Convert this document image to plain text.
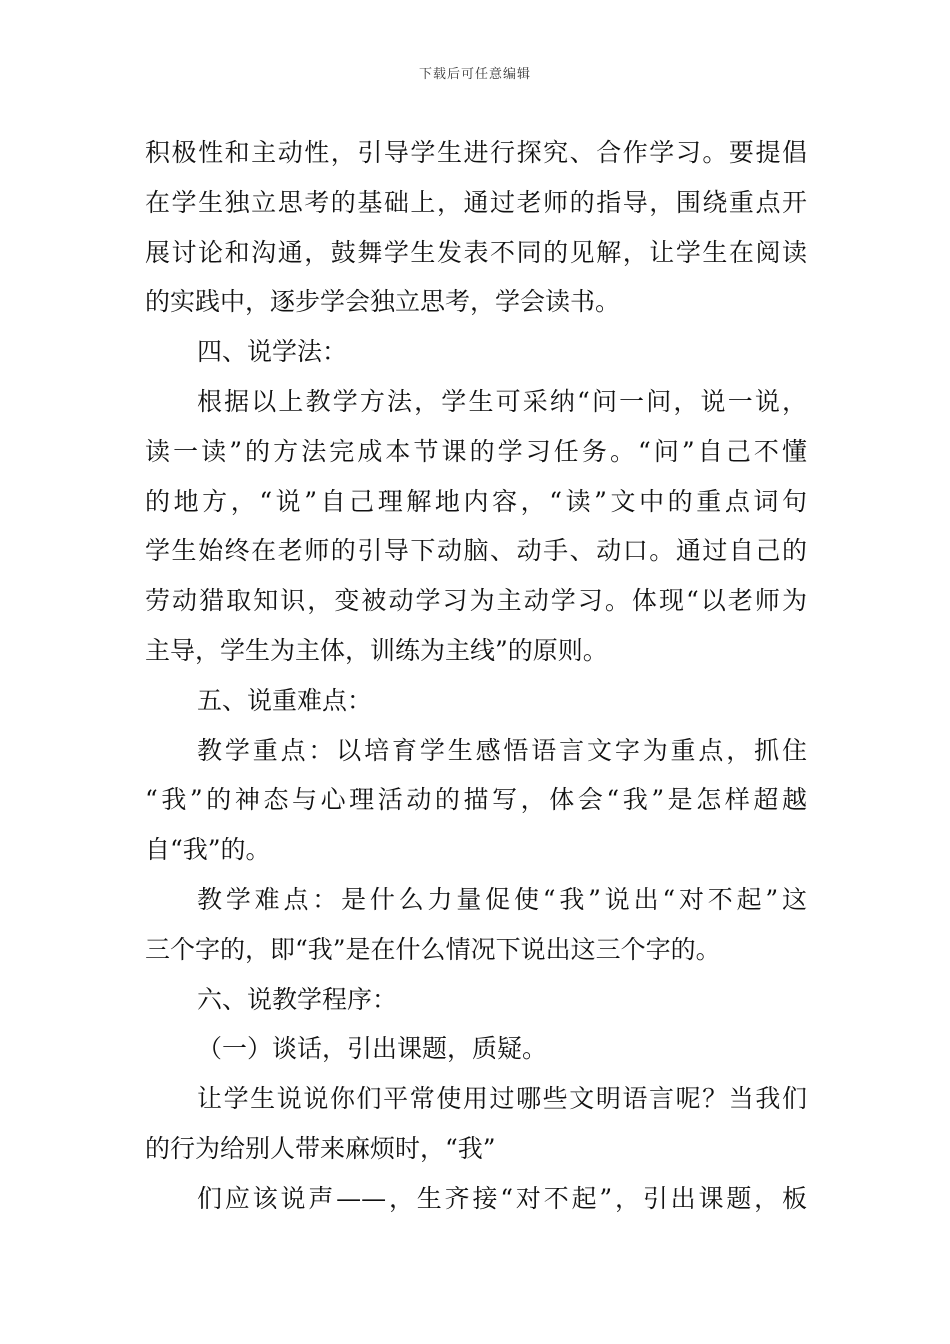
下载后可任意编辑
积极性和主动性，引导学生进行探究、合作学习。要提倡
在学生独立思考的基础上，通过老师的指导，围绕重点开
展讨论和沟通，鼓舞学生发表不同的见解，让学生在阅读
的实践中，逐步学会独立思考，学会读书。
四、说学法：
根据以上教学方法，学生可采纳“问一问，说一说，
读一读”的方法完成本节课的学习任务。“问”自己不懂
的地方，“说”自己理解地内容，“读”文中的重点词句
学生始终在老师的引导下动脑、动手、动口。通过自己的
劳动猎取知识，变被动学习为主动学习。体现“以老师为
主导，学生为主体，训练为主线”的原则。
五、说重难点：
教学重点：以培育学生感悟语言文字为重点，抓住
“我”的神态与心理活动的描写，体会“我”是怎样超越
自“我”的。
教学难点：是什么力量促使“我”说出“对不起”这
三个字的，即“我”是在什么情况下说出这三个字的。
六、说教学程序：
（一）谈话，引出课题，质疑。
让学生说说你们平常使用过哪些文明语言呢？当我们
的行为给别人带来麻烦时，“我”
们应该说声——，生齐接“对不起”，引出课题，板
